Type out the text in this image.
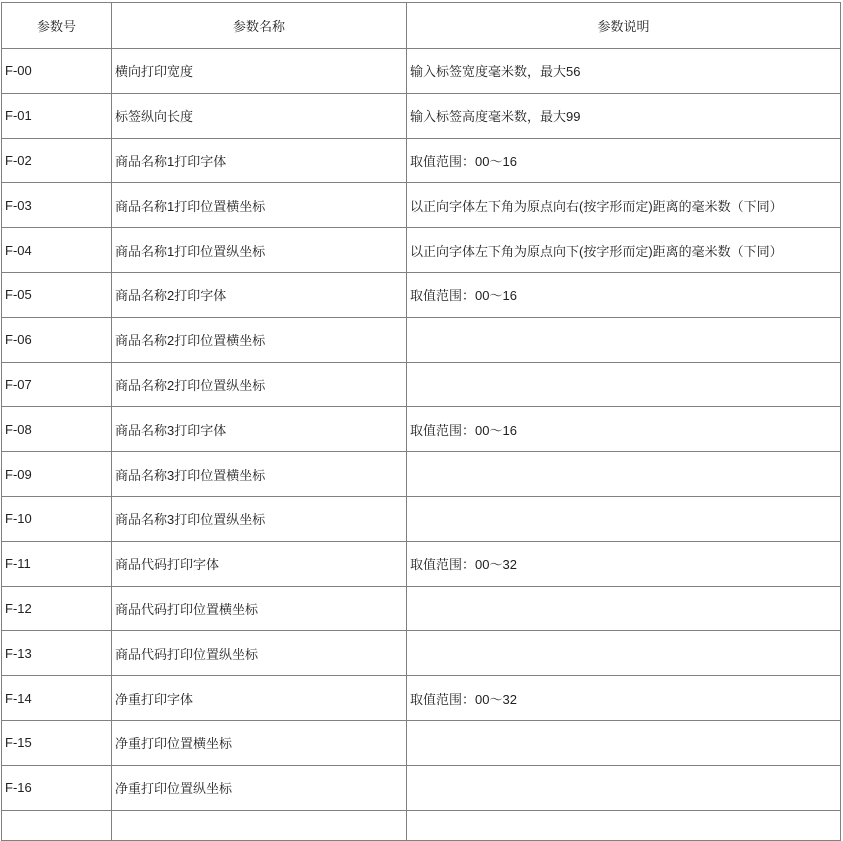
参数号	参数名称	参数说明
F-00	横向打印宽度	输入标签宽度毫米数，最大56
F-01	标签纵向长度	输入标签高度毫米数，最大99
F-02	商品名称1打印字体	取值范围：00～16
F-03	商品名称1打印位置横坐标	以正向字体左下角为原点向右(按字形而定)距离的毫米数（下同）
F-04	商品名称1打印位置纵坐标	以正向字体左下角为原点向下(按字形而定)距离的毫米数（下同）
F-05	商品名称2打印字体	取值范围：00～16
F-06	商品名称2打印位置横坐标	
F-07	商品名称2打印位置纵坐标	
F-08	商品名称3打印字体	取值范围：00～16
F-09	商品名称3打印位置横坐标	
F-10	商品名称3打印位置纵坐标	
F-11	商品代码打印字体	取值范围：00～32
F-12	商品代码打印位置横坐标	
F-13	商品代码打印位置纵坐标	
F-14	净重打印字体	取值范围：00～32
F-15	净重打印位置横坐标	
F-16	净重打印位置纵坐标	
